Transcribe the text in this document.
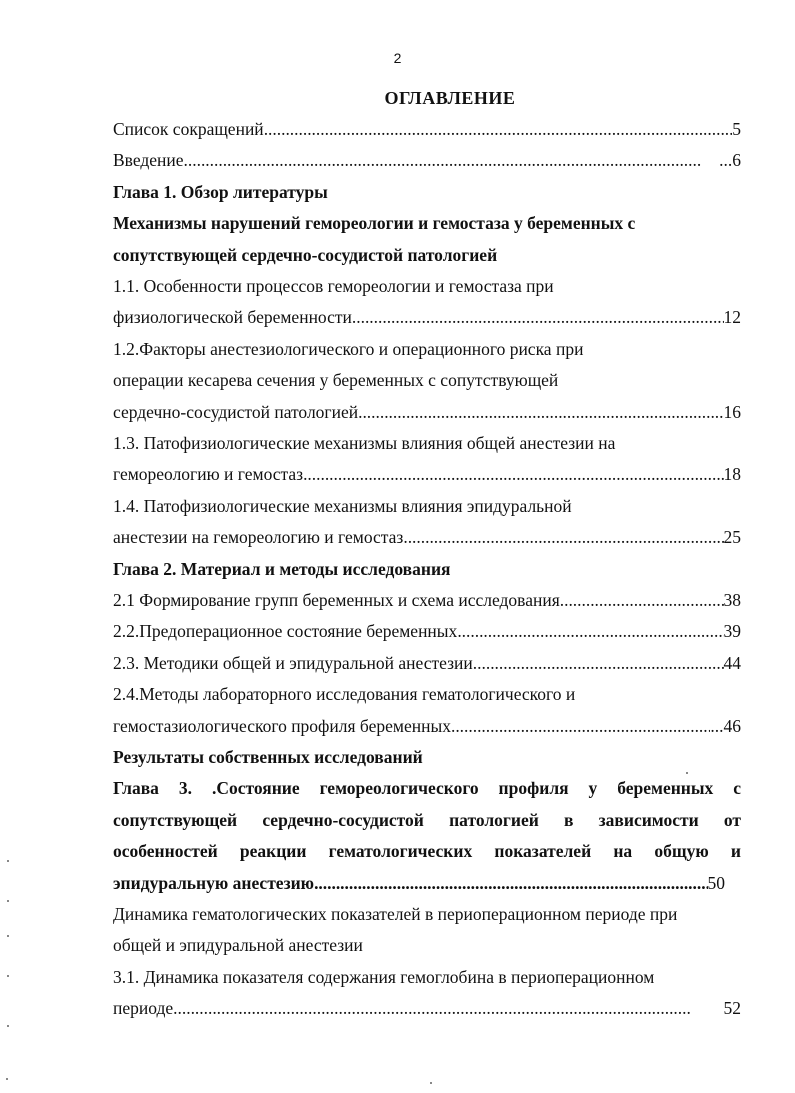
2
ОГЛАВЛЕНИЕ
Список сокращений . . .	5
Введение . . .	...6
Глава 1. Обзор литературы
Механизмы нарушений гемореологии и гемостаза у беременных с
сопутствующей сердечно-сосудистой патологией
1.1. Особенности процессов гемореологии и гемостаза при
физиологической беременности . . .	12
1.2.Факторы анестезиологического и операционного риска при
операции кесарева сечения у беременных с сопутствующей
сердечно-сосудистой патологией . . .	16
1.3. Патофизиологические механизмы влияния общей анестезии на
гемореологию и гемостаз . . .	18
1.4. Патофизиологические механизмы влияния эпидуральной
анестезии на гемореологию и гемостаз . . .	25
Глава 2. Материал и методы исследования
2.1 Формирование групп беременных и схема исследования . . .	38
2.2.Предоперационное состояние беременных . . .	39
2.3. Методики общей и эпидуральной анестезии . . .	44
2.4.Методы лабораторного исследования гематологического и
гемостазиологического профиля беременных . . .	...46
Результаты собственных исследований
Глава 3. .Состояние гемореологического профиля у беременных с
сопутствующей сердечно-сосудистой патологией в зависимости от
особенностей реакции гематологических показателей на общую и
эпидуральную анестезию . . .	50
Динамика гематологических показателей в периоперационном периоде при
общей и эпидуральной анестезии
3.1. Динамика показателя содержания гемоглобина в периоперационном
периоде . . .	52
